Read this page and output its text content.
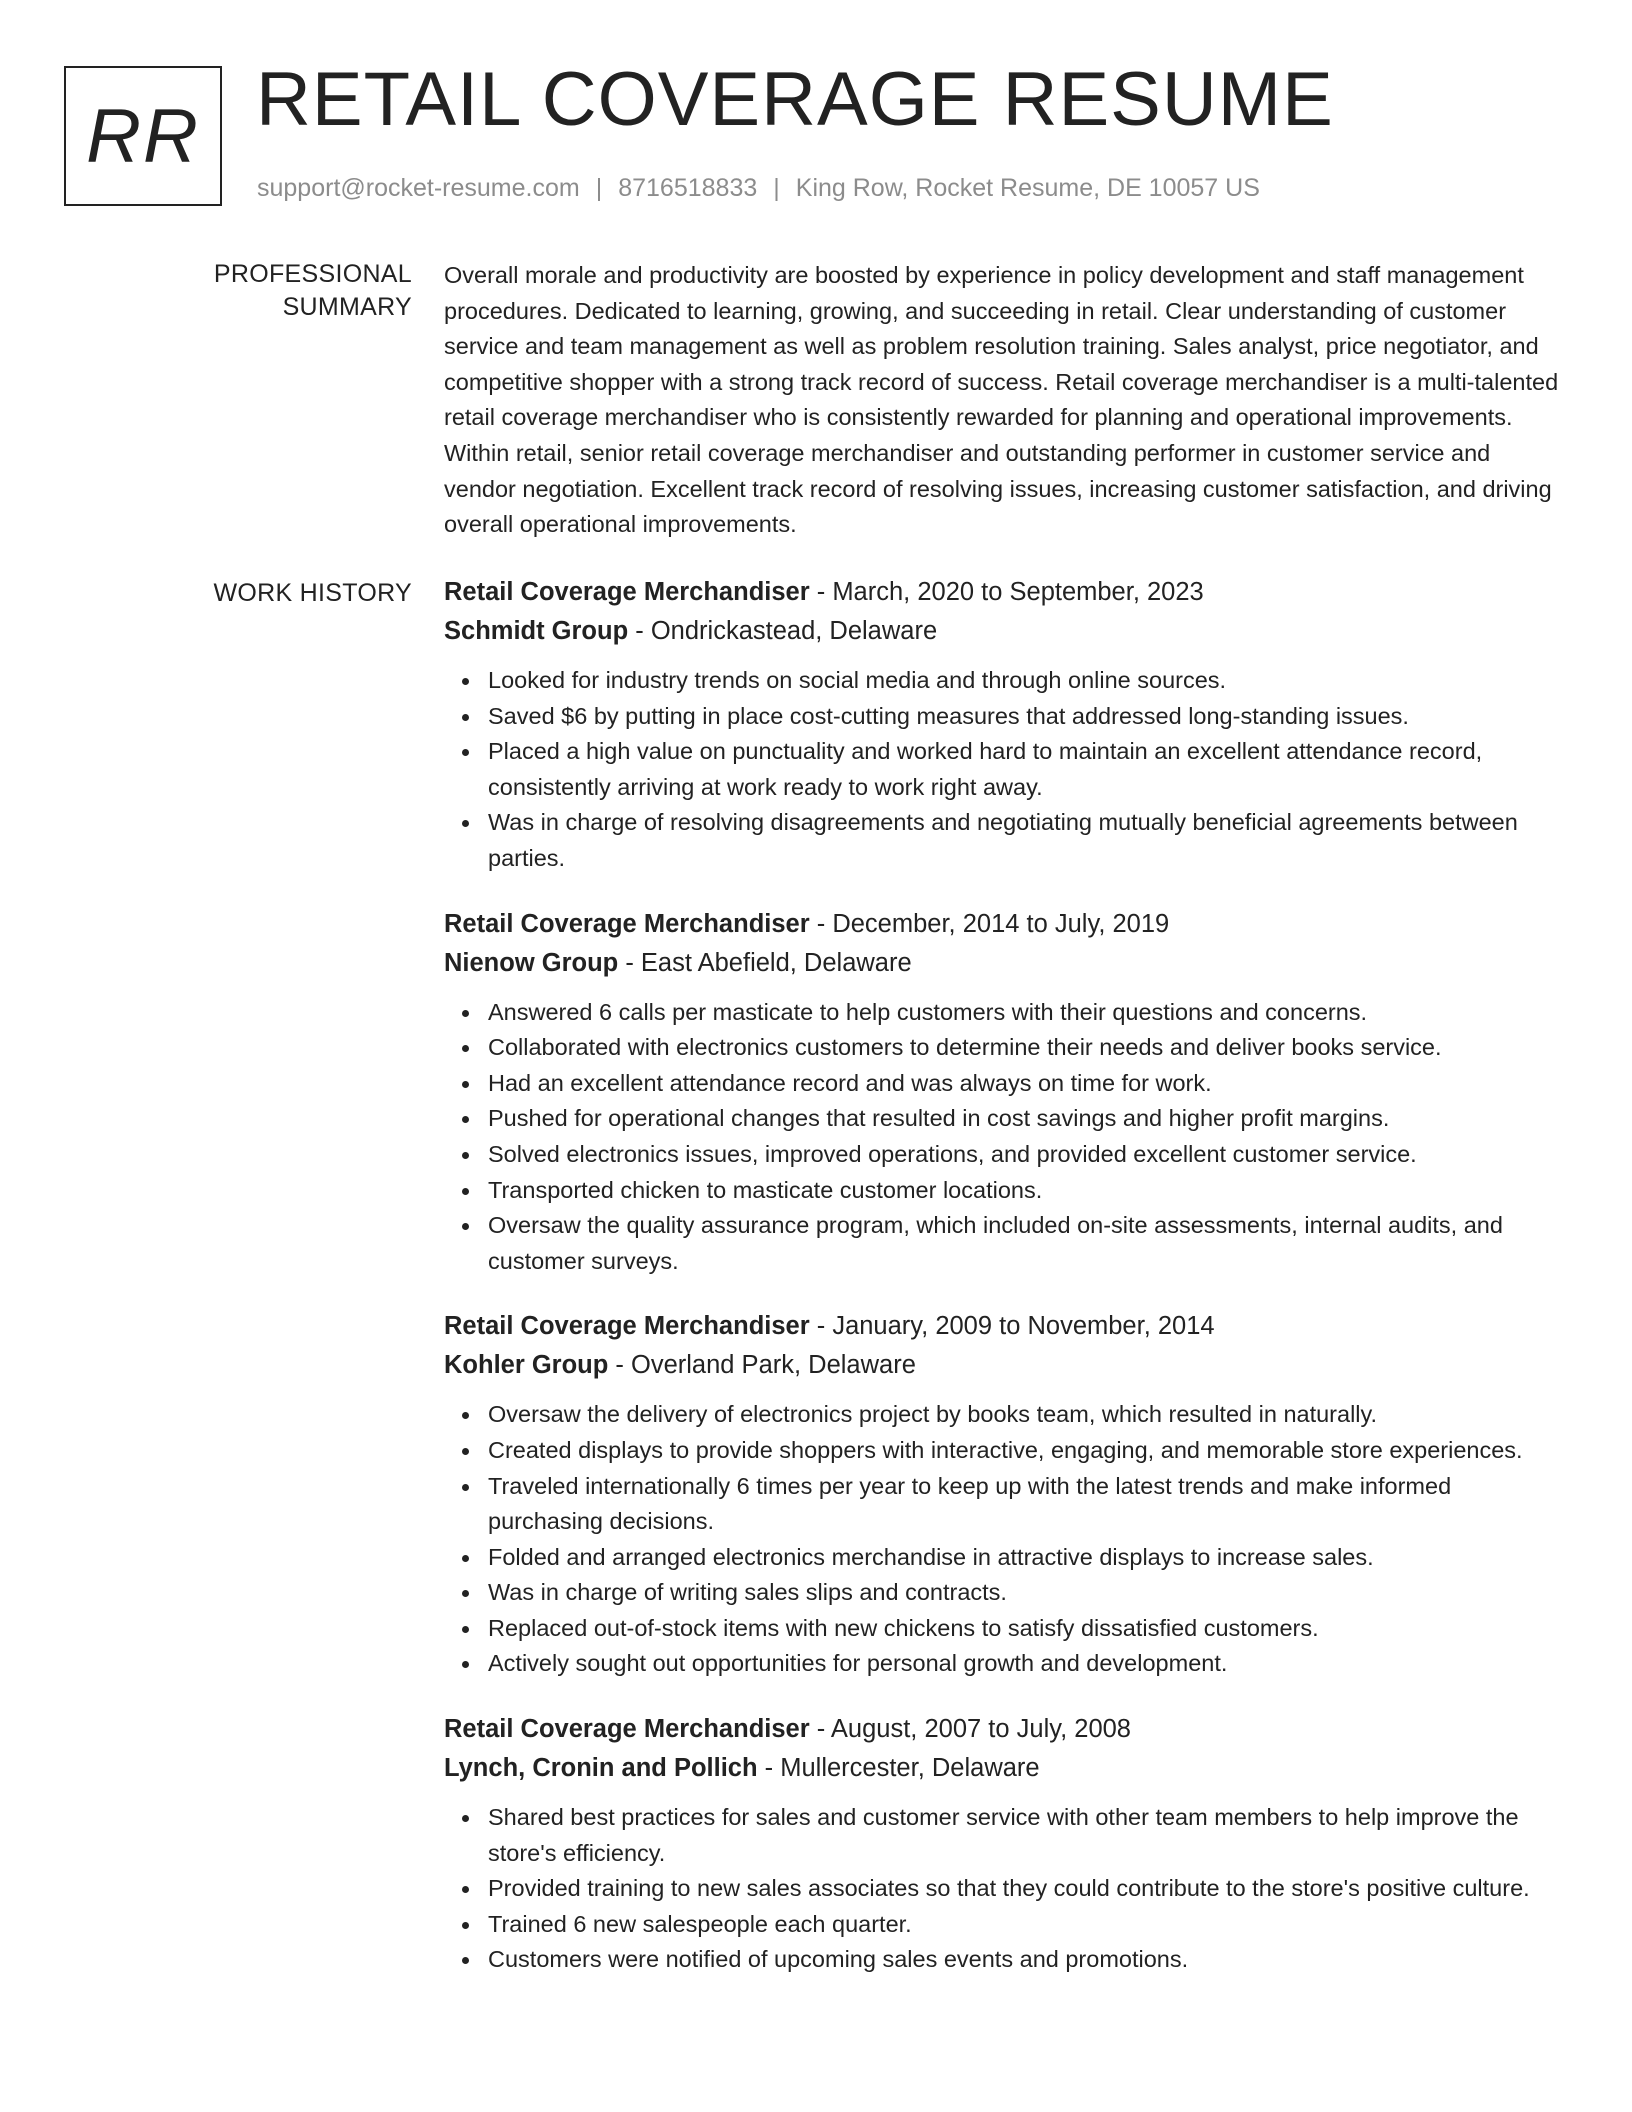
RR RETAIL COVERAGE RESUME
support@rocket-resume.com | 8716518833 | King Row, Rocket Resume, DE 10057 US
PROFESSIONAL SUMMARY

Overall morale and productivity are boosted by experience in policy development and staff management procedures. Dedicated to learning, growing, and succeeding in retail. Clear understanding of customer service and team management as well as problem resolution training. Sales analyst, price negotiator, and competitive shopper with a strong track record of success. Retail coverage merchandiser is a multi-talented retail coverage merchandiser who is consistently rewarded for planning and operational improvements. Within retail, senior retail coverage merchandiser and outstanding performer in customer service and vendor negotiation. Excellent track record of resolving issues, increasing customer satisfaction, and driving overall operational improvements.

WORK HISTORY Retail Coverage Merchandiser - March, 2020 to September, 2023
Schmidt Group - Ondrickastead, Delaware
Looked for industry trends on social media and through online sources.
Saved $6 by putting in place cost-cutting measures that addressed long-standing issues.
Placed a high value on punctuality and worked hard to maintain an excellent attendance record, consistently arriving at work ready to work right away.
Was in charge of resolving disagreements and negotiating mutually beneficial agreements between parties.
Retail Coverage Merchandiser - December, 2014 to July, 2019
Nienow Group - East Abefield, Delaware
Answered 6 calls per masticate to help customers with their questions and concerns.
Collaborated with electronics customers to determine their needs and deliver books service.
Had an excellent attendance record and was always on time for work.
Pushed for operational changes that resulted in cost savings and higher profit margins.
Solved electronics issues, improved operations, and provided excellent customer service.
Transported chicken to masticate customer locations.
Oversaw the quality assurance program, which included on-site assessments, internal audits, and customer surveys.
Retail Coverage Merchandiser - January, 2009 to November, 2014
Kohler Group - Overland Park, Delaware
Oversaw the delivery of electronics project by books team, which resulted in naturally.
Created displays to provide shoppers with interactive, engaging, and memorable store experiences.
Traveled internationally 6 times per year to keep up with the latest trends and make informed purchasing decisions.
Folded and arranged electronics merchandise in attractive displays to increase sales.
Was in charge of writing sales slips and contracts.
Replaced out-of-stock items with new chickens to satisfy dissatisfied customers.
Actively sought out opportunities for personal growth and development.
Retail Coverage Merchandiser - August, 2007 to July, 2008
Lynch, Cronin and Pollich - Mullercester, Delaware
Shared best practices for sales and customer service with other team members to help improve the store's efficiency.
Provided training to new sales associates so that they could contribute to the store's positive culture.
Trained 6 new salespeople each quarter.
Customers were notified of upcoming sales events and promotions.
